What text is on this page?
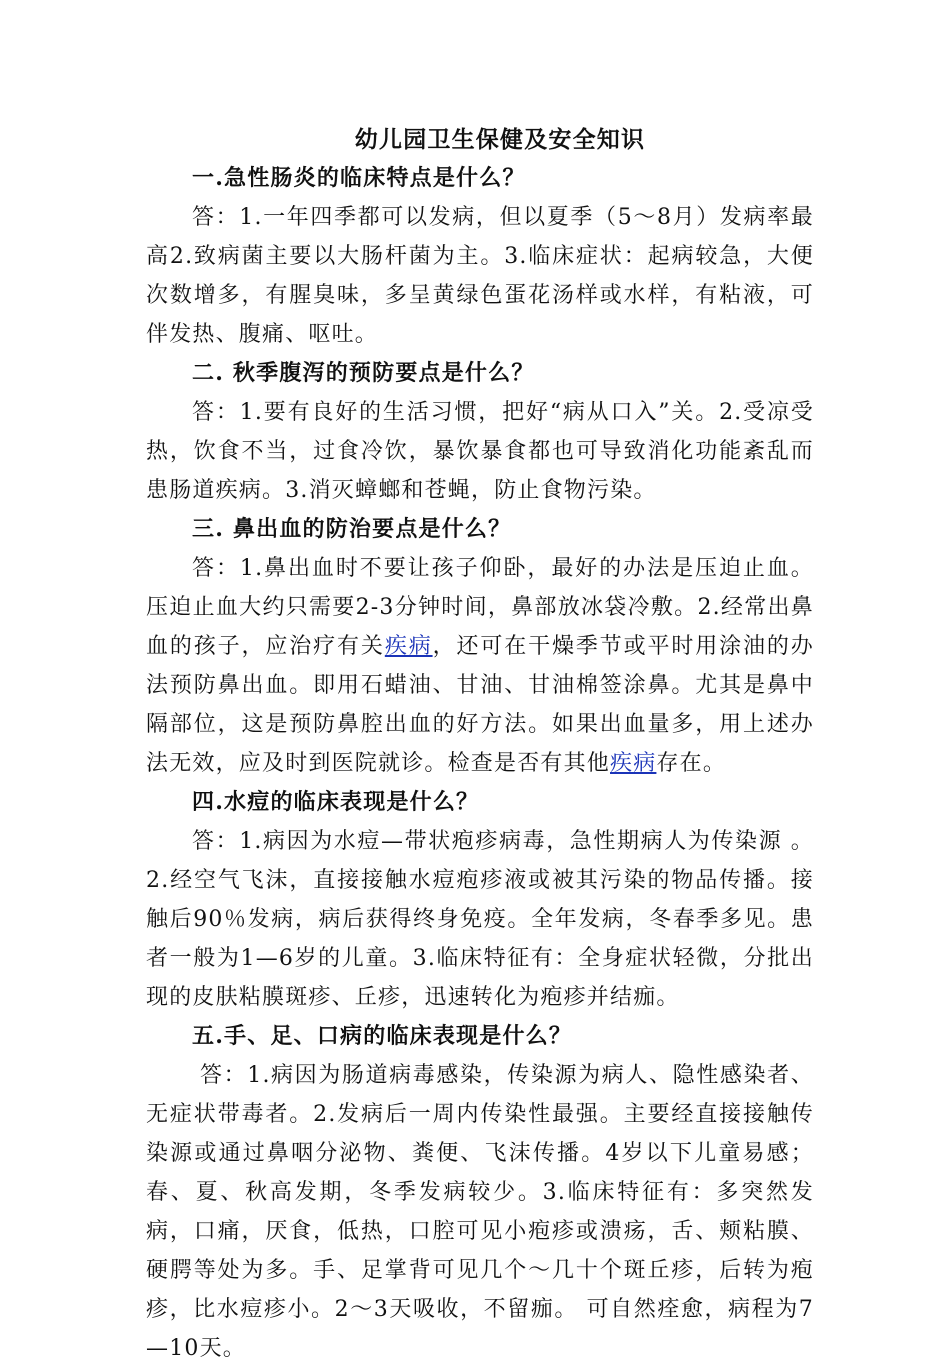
幼儿园卫生保健及安全知识

一.急性肠炎的临床特点是什么？

答：1.一年四季都可以发病，但以夏季（5～8月）发病率最高2.致病菌主要以大肠杆菌为主。3.临床症状：起病较急，大便次数增多，有腥臭味，多呈黄绿色蛋花汤样或水样，有粘液，可伴发热、腹痛、呕吐。

二. 秋季腹泻的预防要点是什么？

答：1.要有良好的生活习惯，把好“病从口入”关。2.受凉受热，饮食不当，过食冷饮，暴饮暴食都也可导致消化功能紊乱而患肠道疾病。3.消灭蟑螂和苍蝇，防止食物污染。

三. 鼻出血的防治要点是什么？

答：1.鼻出血时不要让孩子仰卧，最好的办法是压迫止血。压迫止血大约只需要2-3分钟时间，鼻部放冰袋冷敷。2.经常出鼻血的孩子，应治疗有关疾病，还可在干燥季节或平时用涂油的办法预防鼻出血。即用石蜡油、甘油、甘油棉签涂鼻。尤其是鼻中隔部位，这是预防鼻腔出血的好方法。如果出血量多，用上述办法无效，应及时到医院就诊。检查是否有其他疾病存在。

四.水痘的临床表现是什么？

答：1.病因为水痘—带状疱疹病毒，急性期病人为传染源 。2.经空气飞沫，直接接触水痘疱疹液或被其污染的物品传播。接触后90％发病，病后获得终身免疫。全年发病，冬春季多见。患者一般为1—6岁的儿童。3.临床特征有：全身症状轻微，分批出现的皮肤粘膜斑疹、丘疹，迅速转化为疱疹并结痂。

五.手、足、口病的临床表现是什么？

答：1.病因为肠道病毒感染，传染源为病人、隐性感染者、无症状带毒者。2.发病后一周内传染性最强。主要经直接接触传染源或通过鼻咽分泌物、粪便、飞沫传播。4岁以下儿童易感；春、夏、秋高发期，冬季发病较少。3.临床特征有：多突然发病，口痛，厌食，低热，口腔可见小疱疹或溃疡，舌、颊粘膜、硬腭等处为多。手、足掌背可见几个～几十个斑丘疹，后转为疱疹，比水痘疹小。2～3天吸收，不留痂。 可自然痊愈，病程为7—10天。
